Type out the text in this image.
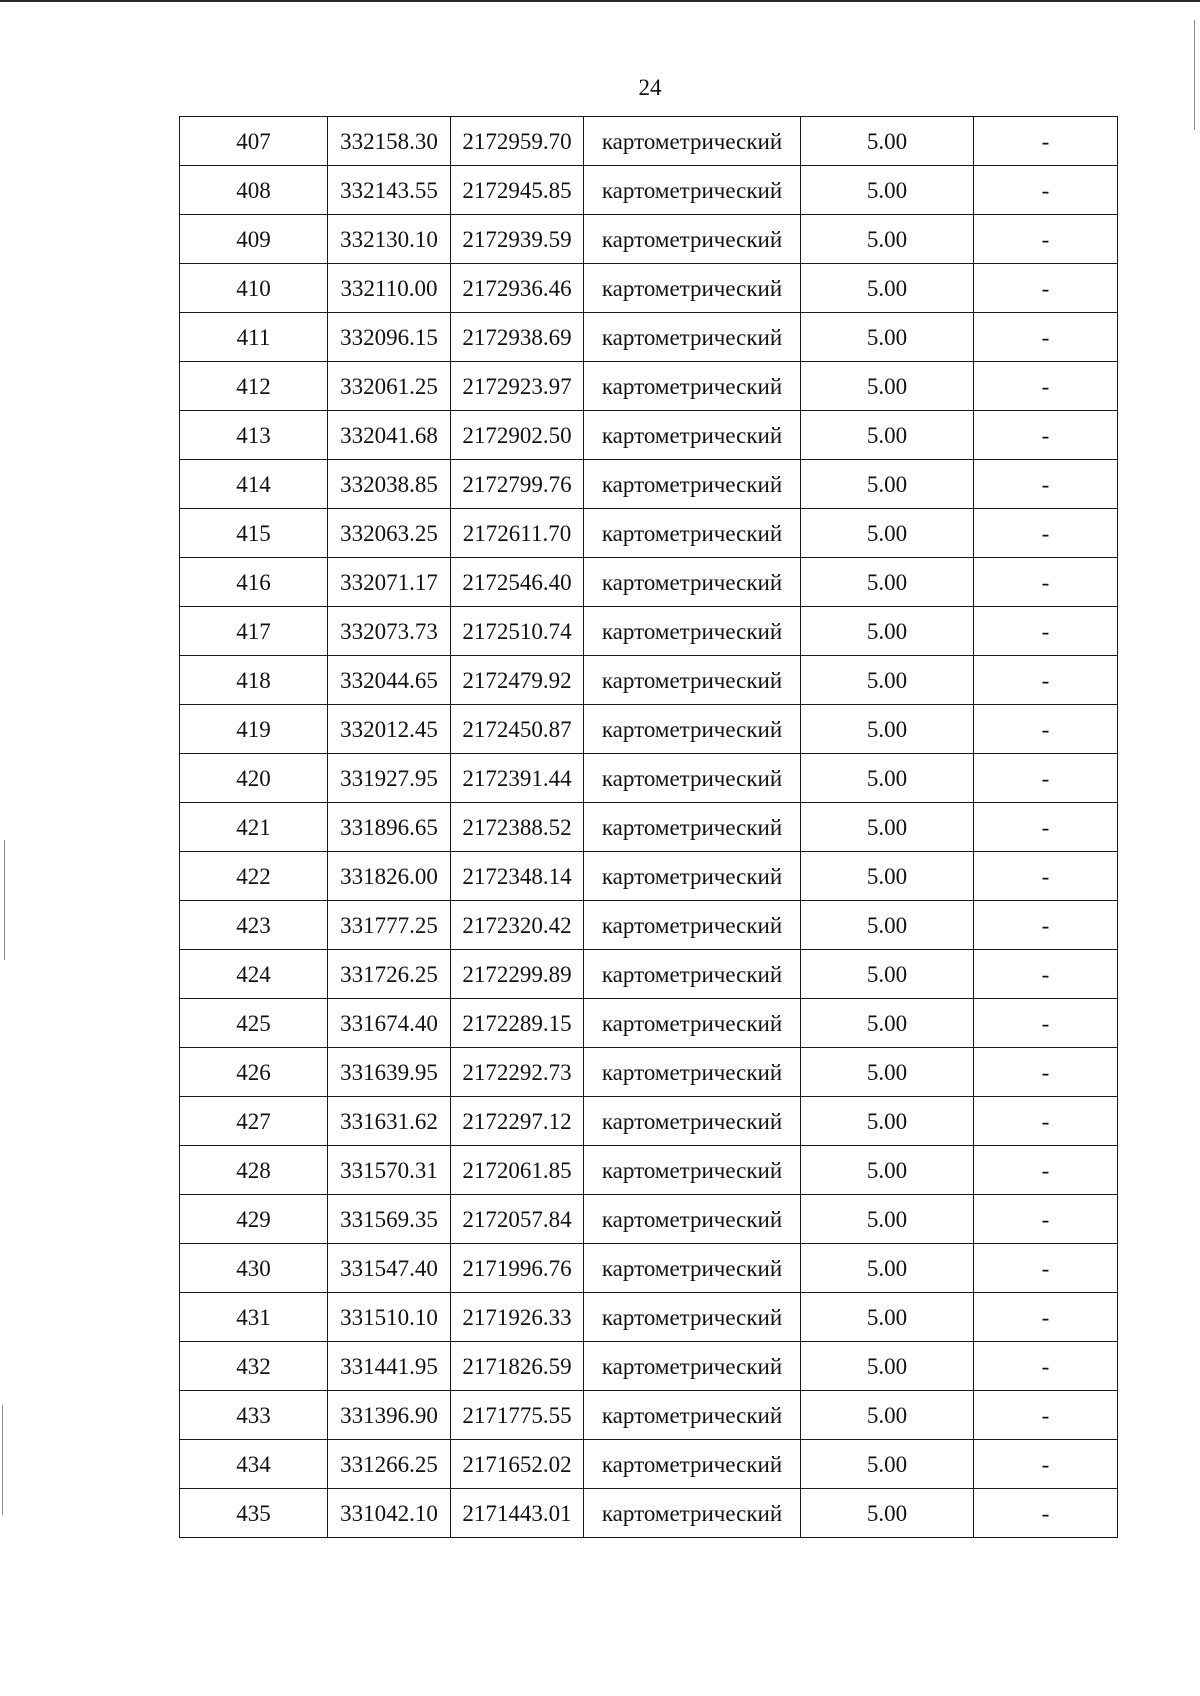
24
407	332158.30	2172959.70	картометрический	5.00	-
408	332143.55	2172945.85	картометрический	5.00	-
409	332130.10	2172939.59	картометрический	5.00	-
410	332110.00	2172936.46	картометрический	5.00	-
411	332096.15	2172938.69	картометрический	5.00	-
412	332061.25	2172923.97	картометрический	5.00	-
413	332041.68	2172902.50	картометрический	5.00	-
414	332038.85	2172799.76	картометрический	5.00	-
415	332063.25	2172611.70	картометрический	5.00	-
416	332071.17	2172546.40	картометрический	5.00	-
417	332073.73	2172510.74	картометрический	5.00	-
418	332044.65	2172479.92	картометрический	5.00	-
419	332012.45	2172450.87	картометрический	5.00	-
420	331927.95	2172391.44	картометрический	5.00	-
421	331896.65	2172388.52	картометрический	5.00	-
422	331826.00	2172348.14	картометрический	5.00	-
423	331777.25	2172320.42	картометрический	5.00	-
424	331726.25	2172299.89	картометрический	5.00	-
425	331674.40	2172289.15	картометрический	5.00	-
426	331639.95	2172292.73	картометрический	5.00	-
427	331631.62	2172297.12	картометрический	5.00	-
428	331570.31	2172061.85	картометрический	5.00	-
429	331569.35	2172057.84	картометрический	5.00	-
430	331547.40	2171996.76	картометрический	5.00	-
431	331510.10	2171926.33	картометрический	5.00	-
432	331441.95	2171826.59	картометрический	5.00	-
433	331396.90	2171775.55	картометрический	5.00	-
434	331266.25	2171652.02	картометрический	5.00	-
435	331042.10	2171443.01	картометрический	5.00	-
